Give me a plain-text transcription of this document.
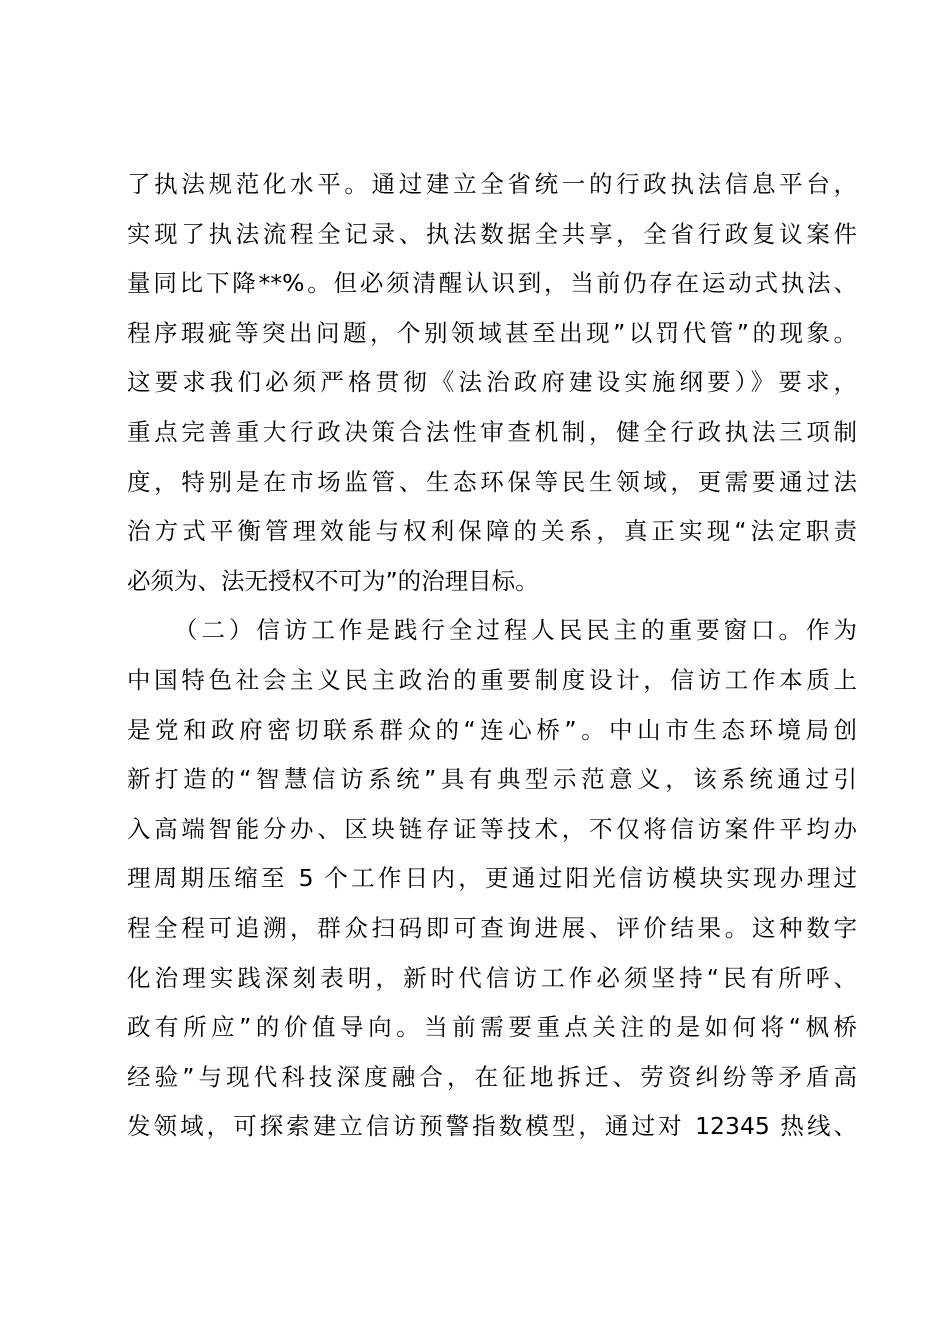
了执法规范化水平。通过建立全省统一的行政执法信息平台，
实现了执法流程全记录、执法数据全共享，全省行政复议案件
量同比下降**%。但必须清醒认识到，当前仍存在运动式执法、
程序瑕疵等突出问题，个别领域甚至出现”以罚代管”的现象。
这要求我们必须严格贯彻《法治政府建设实施纲要）》要求，
重点完善重大行政决策合法性审查机制，健全行政执法三项制
度，特别是在市场监管、生态环保等民生领域，更需要通过法
治方式平衡管理效能与权利保障的关系，真正实现“法定职责
必须为、法无授权不可为”的治理目标。
（二）信访工作是践行全过程人民民主的重要窗口。作为
中国特色社会主义民主政治的重要制度设计，信访工作本质上
是党和政府密切联系群众的“连心桥”。中山市生态环境局创
新打造的“智慧信访系统”具有典型示范意义，该系统通过引
入高端智能分办、区块链存证等技术，不仅将信访案件平均办
理周期压缩至 5 个工作日内，更通过阳光信访模块实现办理过
程全程可追溯，群众扫码即可查询进展、评价结果。这种数字
化治理实践深刻表明，新时代信访工作必须坚持“民有所呼、
政有所应”的价值导向。当前需要重点关注的是如何将“枫桥
经验”与现代科技深度融合，在征地拆迁、劳资纠纷等矛盾高
发领域，可探索建立信访预警指数模型，通过对 12345 热线、
